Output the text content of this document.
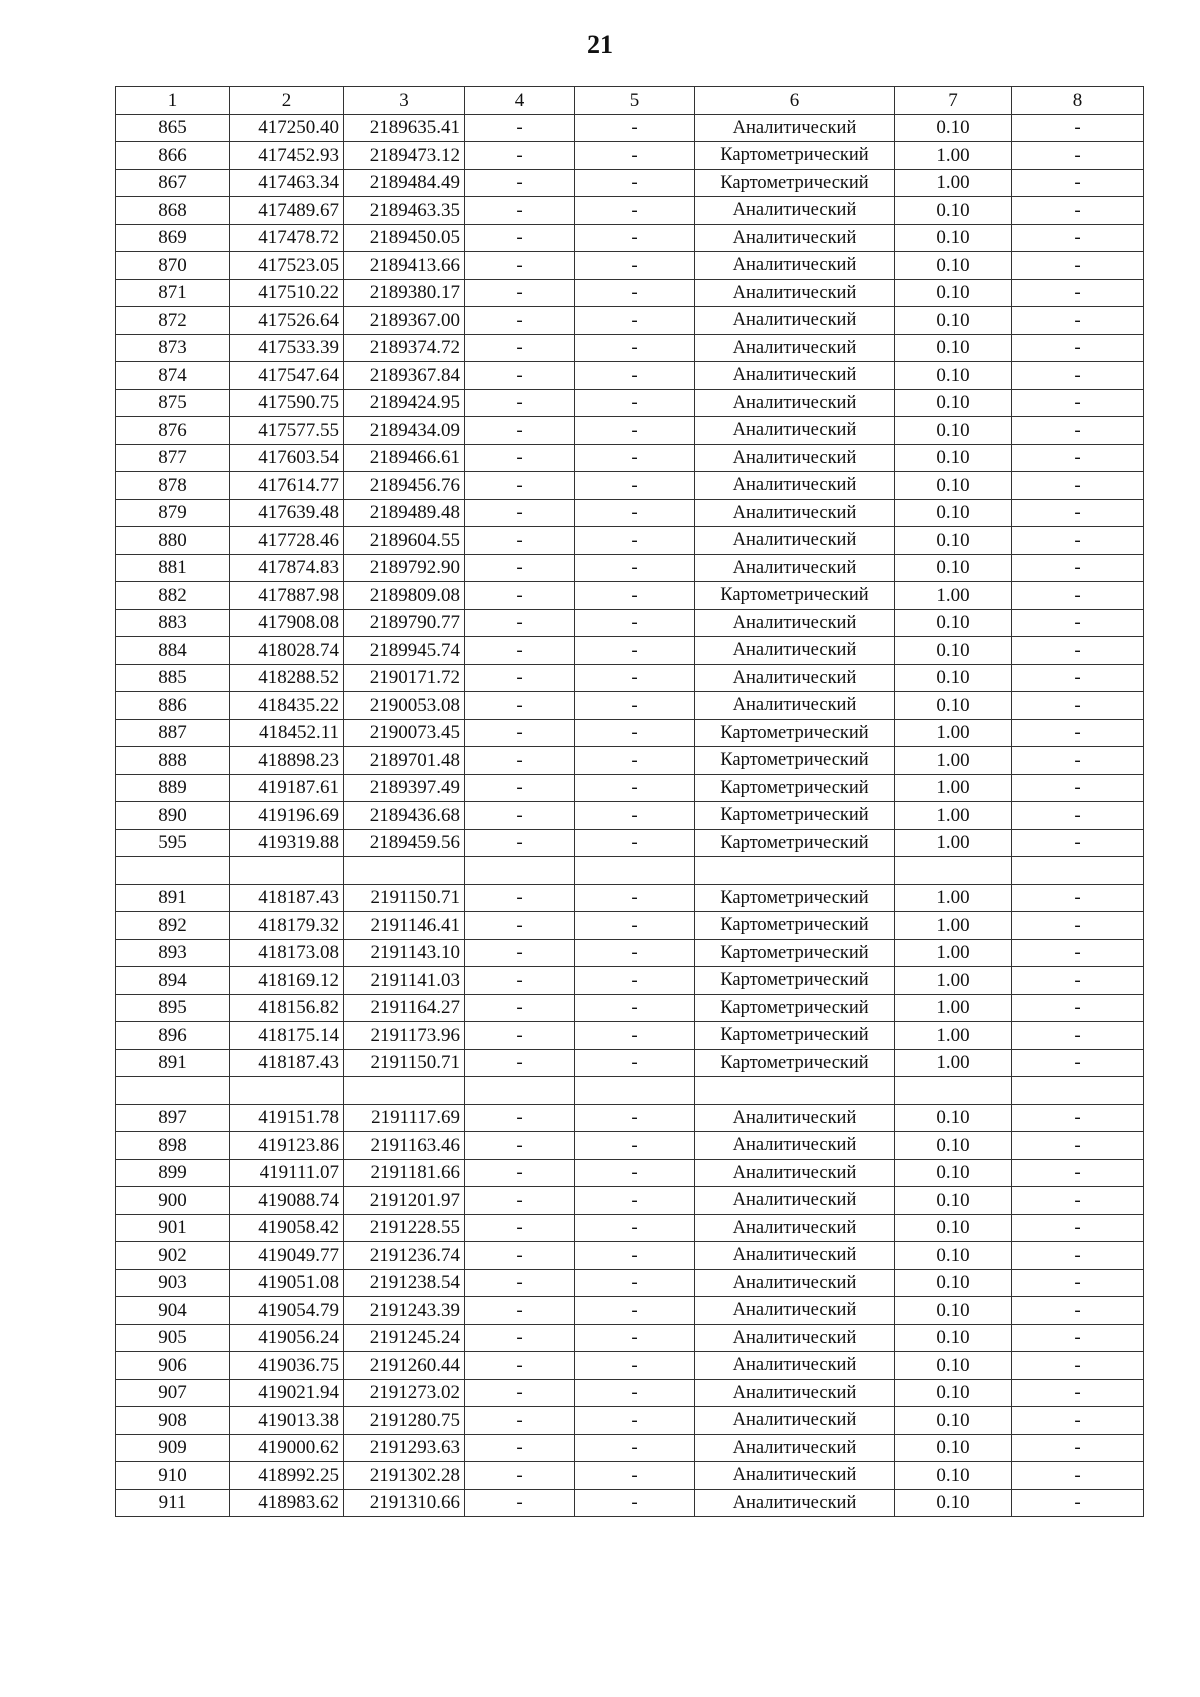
21
1	2	3	4	5	6	7	8
865	417250.40	2189635.41	-	-	Аналитический	0.10	-
866	417452.93	2189473.12	-	-	Картометрический	1.00	-
867	417463.34	2189484.49	-	-	Картометрический	1.00	-
868	417489.67	2189463.35	-	-	Аналитический	0.10	-
869	417478.72	2189450.05	-	-	Аналитический	0.10	-
870	417523.05	2189413.66	-	-	Аналитический	0.10	-
871	417510.22	2189380.17	-	-	Аналитический	0.10	-
872	417526.64	2189367.00	-	-	Аналитический	0.10	-
873	417533.39	2189374.72	-	-	Аналитический	0.10	-
874	417547.64	2189367.84	-	-	Аналитический	0.10	-
875	417590.75	2189424.95	-	-	Аналитический	0.10	-
876	417577.55	2189434.09	-	-	Аналитический	0.10	-
877	417603.54	2189466.61	-	-	Аналитический	0.10	-
878	417614.77	2189456.76	-	-	Аналитический	0.10	-
879	417639.48	2189489.48	-	-	Аналитический	0.10	-
880	417728.46	2189604.55	-	-	Аналитический	0.10	-
881	417874.83	2189792.90	-	-	Аналитический	0.10	-
882	417887.98	2189809.08	-	-	Картометрический	1.00	-
883	417908.08	2189790.77	-	-	Аналитический	0.10	-
884	418028.74	2189945.74	-	-	Аналитический	0.10	-
885	418288.52	2190171.72	-	-	Аналитический	0.10	-
886	418435.22	2190053.08	-	-	Аналитический	0.10	-
887	418452.11	2190073.45	-	-	Картометрический	1.00	-
888	418898.23	2189701.48	-	-	Картометрический	1.00	-
889	419187.61	2189397.49	-	-	Картометрический	1.00	-
890	419196.69	2189436.68	-	-	Картометрический	1.00	-
595	419319.88	2189459.56	-	-	Картометрический	1.00	-

891	418187.43	2191150.71	-	-	Картометрический	1.00	-
892	418179.32	2191146.41	-	-	Картометрический	1.00	-
893	418173.08	2191143.10	-	-	Картометрический	1.00	-
894	418169.12	2191141.03	-	-	Картометрический	1.00	-
895	418156.82	2191164.27	-	-	Картометрический	1.00	-
896	418175.14	2191173.96	-	-	Картометрический	1.00	-
891	418187.43	2191150.71	-	-	Картометрический	1.00	-

897	419151.78	2191117.69	-	-	Аналитический	0.10	-
898	419123.86	2191163.46	-	-	Аналитический	0.10	-
899	419111.07	2191181.66	-	-	Аналитический	0.10	-
900	419088.74	2191201.97	-	-	Аналитический	0.10	-
901	419058.42	2191228.55	-	-	Аналитический	0.10	-
902	419049.77	2191236.74	-	-	Аналитический	0.10	-
903	419051.08	2191238.54	-	-	Аналитический	0.10	-
904	419054.79	2191243.39	-	-	Аналитический	0.10	-
905	419056.24	2191245.24	-	-	Аналитический	0.10	-
906	419036.75	2191260.44	-	-	Аналитический	0.10	-
907	419021.94	2191273.02	-	-	Аналитический	0.10	-
908	419013.38	2191280.75	-	-	Аналитический	0.10	-
909	419000.62	2191293.63	-	-	Аналитический	0.10	-
910	418992.25	2191302.28	-	-	Аналитический	0.10	-
911	418983.62	2191310.66	-	-	Аналитический	0.10	-
